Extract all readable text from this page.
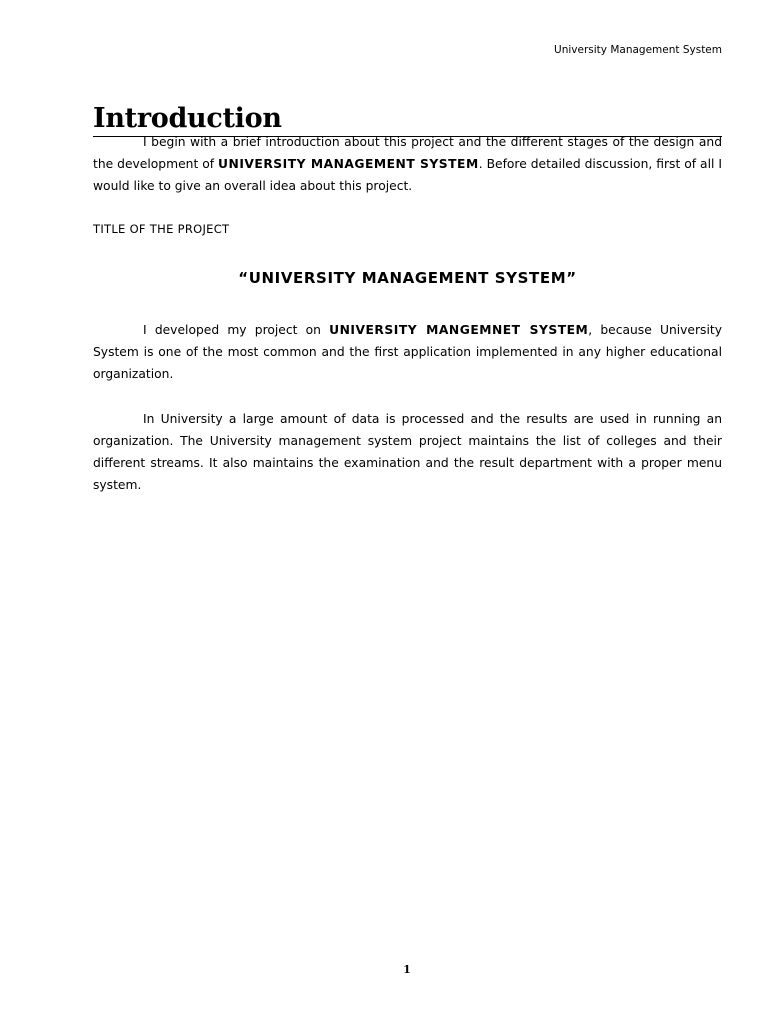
University Management System
Introduction

I begin with a brief introduction about this project and the different stages of the design and the development of UNIVERSITY MANAGEMENT SYSTEM. Before detailed discussion, first of all I would like to give an overall idea about this project.

TITLE OF THE PROJECT
“UNIVERSITY MANAGEMENT SYSTEM”

I developed my project on UNIVERSITY MANGEMNET SYSTEM, because University System is one of the most common and the first application implemented in any higher educational organization.

In University a large amount of data is processed and the results are used in running an organization. The University management system project maintains the list of colleges and their different streams. It also maintains the examination and the result department with a proper menu system.

1
